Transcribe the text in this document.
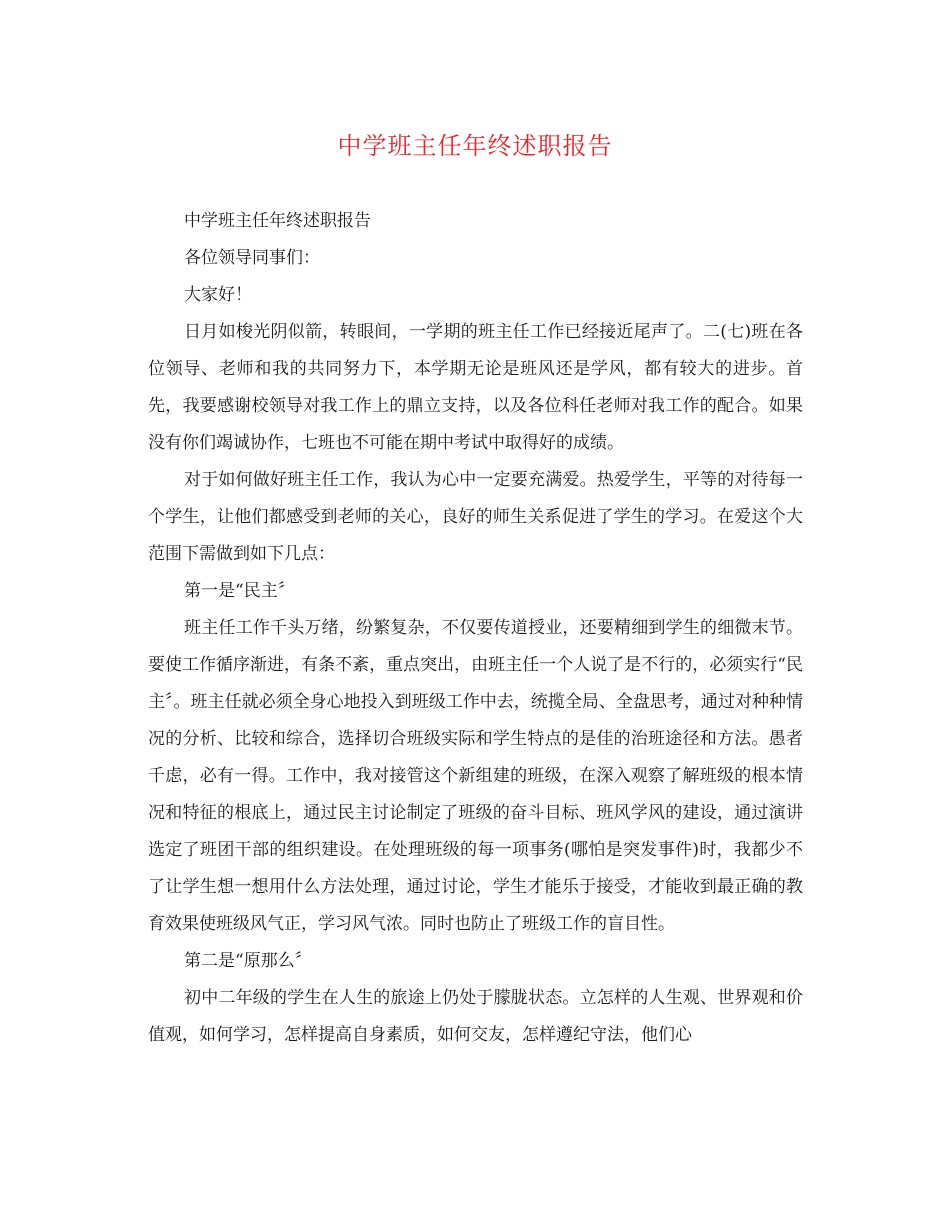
中学班主任年终述职报告

中学班主任年终述职报告

各位领导同事们：

大家好！

日月如梭光阴似箭，转眼间，一学期的班主任工作已经接近尾声了。二(七)班在各位领导、老师和我的共同努力下，本学期无论是班风还是学风，都有较大的进步。首先，我要感谢校领导对我工作上的鼎立支持，以及各位科任老师对我工作的配合。如果没有你们竭诚协作，七班也不可能在期中考试中取得好的成绩。

对于如何做好班主任工作，我认为心中一定要充满爱。热爱学生，平等的对待每一个学生，让他们都感受到老师的关心，良好的师生关系促进了学生的学习。在爱这个大范围下需做到如下几点：

第一是“民主〞

班主任工作千头万绪，纷繁复杂，不仅要传道授业，还要精细到学生的细微末节。要使工作循序渐进，有条不紊，重点突出，由班主任一个人说了是不行的，必须实行“民主〞。班主任就必须全身心地投入到班级工作中去，统揽全局、全盘思考，通过对种种情况的分析、比较和综合，选择切合班级实际和学生特点的是佳的治班途径和方法。愚者千虑，必有一得。工作中，我对接管这个新组建的班级，在深入观察了解班级的根本情况和特征的根底上，通过民主讨论制定了班级的奋斗目标、班风学风的建设，通过演讲选定了班团干部的组织建设。在处理班级的每一项事务(哪怕是突发事件)时，我都少不了让学生想一想用什么方法处理，通过讨论，学生才能乐于接受，才能收到最正确的教育效果使班级风气正，学习风气浓。同时也防止了班级工作的盲目性。

第二是“原那么〞

初中二年级的学生在人生的旅途上仍处于朦胧状态。立怎样的人生观、世界观和价值观，如何学习，怎样提高自身素质，如何交友，怎样遵纪守法，他们心
